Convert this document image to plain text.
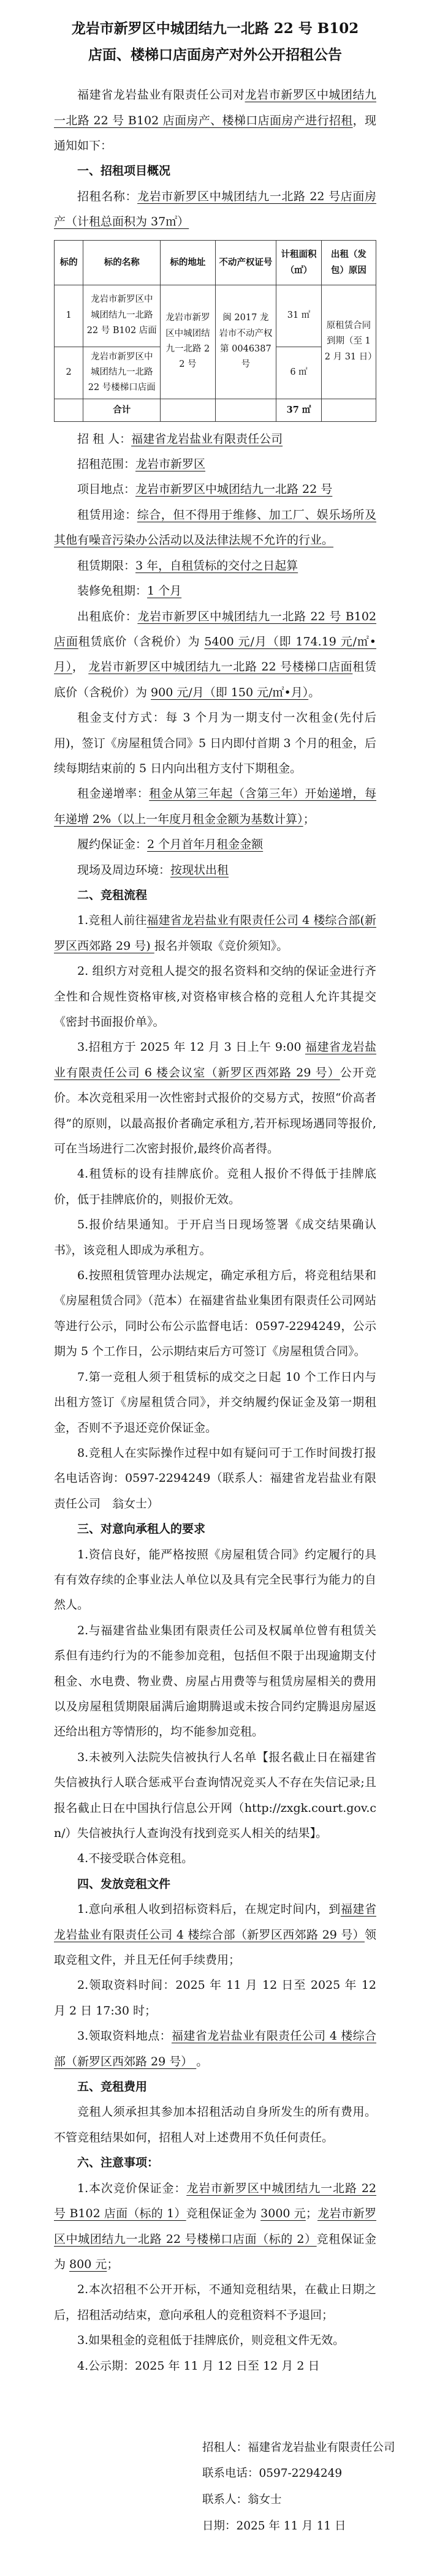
龙岩市新罗区中城团结九一北路 22 号 B102
店面、楼梯口店面房产对外公开招租公告

福建省龙岩盐业有限责任公司对龙岩市新罗区中城团结九一北路 22 号 B102 店面房产、楼梯口店面房产进行招租，现通知如下：

一、招租项目概况

招租名称：龙岩市新罗区中城团结九一北路 22 号店面房产（计租总面积为 37㎡）

标的	标的名称	标的地址	不动产权证号	计租面积（㎡）	出租（发包）原因
1	龙岩市新罗区中城团结九一北路 22 号 B102 店面	龙岩市新罗区中城团结九一北路 22 号	闽 2017 龙岩市不动产权第 0046387 号	31 ㎡	原租赁合同到期（至 12 月 31 日）
2	龙岩市新罗区中城团结九一北路 22 号楼梯口店面			6 ㎡	
	合计			37 ㎡	

招 租 人：福建省龙岩盐业有限责任公司

招租范围：龙岩市新罗区

项目地点：龙岩市新罗区中城团结九一北路 22 号

租赁用途：综合，但不得用于维修、加工厂、娱乐场所及其他有噪音污染办公活动以及法律法规不允许的行业。

租赁期限：3 年，自租赁标的交付之日起算

装修免租期：1 个月

出租底价：龙岩市新罗区中城团结九一北路 22 号 B102 店面租赁底价（含税价）为 5400 元/月（即 174.19 元/㎡•月）， 龙岩市新罗区中城团结九一北路 22 号楼梯口店面租赁底价（含税价）为 900 元/月（即 150 元/㎡•月）。

租金支付方式：每 3 个月为一期支付一次租金(先付后用)，签订《房屋租赁合同》5 日内即付首期 3 个月的租金，后续每期结束前的 5 日内向出租方支付下期租金。

租金递增率：租金从第三年起（含第三年）开始递增，每年递增 2%（以上一年度月租金金额为基数计算）；

履约保证金：2 个月首年月租金金额

现场及周边环境：按现状出租

二、竞租流程

1.竞租人前往福建省龙岩盐业有限责任公司 4 楼综合部(新罗区西郊路 29 号) 报名并领取《竞价须知》。

2. 组织方对竞租人提交的报名资料和交纳的保证金进行齐全性和合规性资格审核,对资格审核合格的竞租人允许其提交《密封书面报价单》。

3.招租方于 2025 年 12 月 3 日上午 9:00 福建省龙岩盐业有限责任公司 6 楼会议室（新罗区西郊路 29 号）公开竞价。本次竞租采用一次性密封式报价的交易方式，按照“价高者得”的原则，以最高报价者确定承租方,若开标现场遇同等报价,可在当场进行二次密封报价,最终价高者得。

4.租赁标的设有挂牌底价。竞租人报价不得低于挂牌底价，低于挂牌底价的，则报价无效。

5.报价结果通知。于开启当日现场签署《成交结果确认书》，该竞租人即成为承租方。

6.按照租赁管理办法规定，确定承租方后，将竞租结果和《房屋租赁合同》（范本）在福建省盐业集团有限责任公司网站等进行公示，同时公布公示监督电话：0597-2294249，公示期为 5 个工作日，公示期结束后方可签订《房屋租赁合同》。

7.第一竞租人须于租赁标的成交之日起 10 个工作日内与出租方签订《房屋租赁合同》，并交纳履约保证金及第一期租金，否则不予退还竞价保证金。

8.竞租人在实际操作过程中如有疑问可于工作时间拨打报名电话咨询：0597-2294249（联系人：福建省龙岩盐业有限责任公司　翁女士）

三、对意向承租人的要求

1.资信良好，能严格按照《房屋租赁合同》约定履行的具有有效存续的企事业法人单位以及具有完全民事行为能力的自然人。

2.与福建省盐业集团有限责任公司及权属单位曾有租赁关系但有违约行为的不能参加竞租，包括但不限于出现逾期支付租金、水电费、物业费、房屋占用费等与租赁房屋相关的费用以及房屋租赁期限届满后逾期腾退或未按合同约定腾退房屋返还给出租方等情形的，均不能参加竞租。

3.未被列入法院失信被执行人名单【报名截止日在福建省失信被执行人联合惩戒平台查询情况竞买人不存在失信记录;且报名截止日在中国执行信息公开网（http://zxgk.court.gov.cn/）失信被执行人查询没有找到竞买人相关的结果】。

4.不接受联合体竞租。

四、发放竞租文件

1.意向承租人收到招标资料后，在规定时间内，到福建省龙岩盐业有限责任公司 4 楼综合部（新罗区西郊路 29 号）领取竞租文件，并且无任何手续费用；

2.领取资料时间：2025 年 11 月 12 日至 2025 年 12 月 2 日 17:30 时；

3.领取资料地点：福建省龙岩盐业有限责任公司 4 楼综合部（新罗区西郊路 29 号） 。

五、竞租费用

竞租人须承担其参加本招租活动自身所发生的所有费用。不管竞租结果如何，招租人对上述费用不负任何责任。

六、注意事项：

1.本次竞价保证金：龙岩市新罗区中城团结九一北路 22 号 B102 店面（标的 1）竞租保证金为 3000 元；龙岩市新罗区中城团结九一北路 22 号楼梯口店面（标的 2）竞租保证金为 800 元；

2.本次招租不公开开标，不通知竞租结果，在截止日期之后，招租活动结束，意向承租人的竞租资料不予退回；

3.如果租金的竞租低于挂牌底价，则竞租文件无效。

4.公示期：2025 年 11 月 12 日至 12 月 2 日

招租人：福建省龙岩盐业有限责任公司

联系电话：0597-2294249

联系人：翁女士

日期：2025 年 11 月 11 日
